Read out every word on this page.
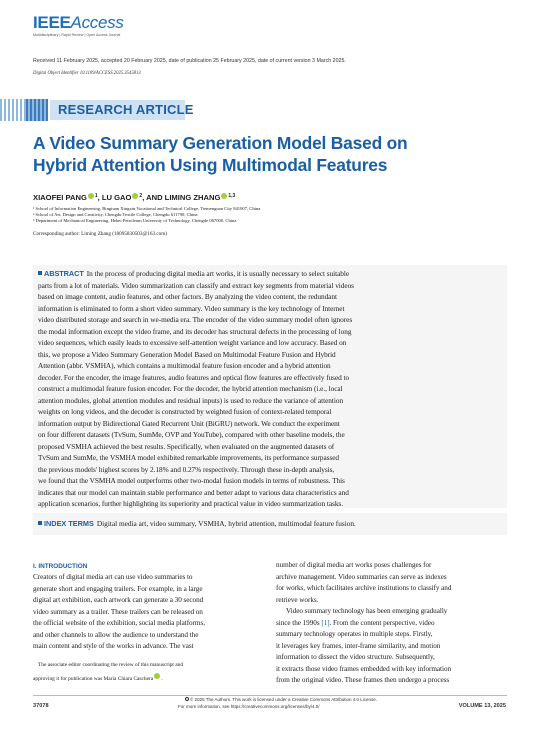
IEEEAccess
Multidisciplinary | Rapid Review | Open Access Journal
Received 11 February 2025, accepted 20 February 2025, date of publication 25 February 2025, date of current version 3 March 2025.
Digital Object Identifier 10.1109/ACCESS.2025.3545813
RESEARCH ARTICLE
A Video Summary Generation Model Based on
Hybrid Attention Using Multimodal Features
XIAOFEI PANG $^1$, LU GAO $^2$, AND LIMING ZHANG $^{1,3}$
¹ School of Information Engineering, Bingtuan Xingxin Vocational and Technical College, Tiemenguan City 841007, China
² School of Art, Design and Creativity, Chengdu Textile College, Chengdu 611790, China
³ Department of Mechanical Engineering, Hebei Petroleum University of Technology, Chengde 067000, China
Corresponding author: Liming Zhang (18095830503@163.com)
ABSTRACT In the process of producing digital media art works, it is usually necessary to select suitable
parts from a lot of materials. Video summarization can classify and extract key segments from material videos
based on image content, audio features, and other factors. By analyzing the video content, the redundant
information is eliminated to form a short video summary. Video summary is the key technology of Internet
video distributed storage and search in we-media era. The encoder of the video summary model often ignores
the modal information except the video frame, and its decoder has structural defects in the processing of long
video sequences, which easily leads to excessive self-attention weight variance and low accuracy. Based on
this, we propose a Video Summary Generation Model Based on Multimodal Feature Fusion and Hybrid
Attention (abbr. VSMHA), which contains a multimodal feature fusion encoder and a hybrid attention
decoder. For the encoder, the image features, audio features and optical flow features are effectively fused to
construct a multimodal feature fusion encoder. For the decoder, the hybrid attention mechanism (i.e., local
attention modules, global attention modules and residual inputs) is used to reduce the variance of attention
weights on long videos, and the decoder is constructed by weighted fusion of context-related temporal
information output by Bidirectional Gated Recurrent Unit (BiGRU) network. We conduct the experiment
on four different datasets (TvSum, SumMe, OVP and YouTube), compared with other baseline models, the
proposed VSMHA achieved the best results. Specifically, when evaluated on the augmented datasets of
TvSum and SumMe, the VSMHA model exhibited remarkable improvements, its performance surpassed
the previous models' highest scores by 2.18% and 0.27% respectively. Through these in-depth analysis,
we found that the VSMHA model outperforms other two-modal fusion models in terms of robustness. This
indicates that our model can maintain stable performance and better adapt to various data characteristics and
application scenarios, further highlighting its superiority and practical value in video summarization tasks.
INDEX TERMS Digital media art, video summary, VSMHA, hybrid attention, multimodal feature fusion.
I. INTRODUCTION
Creators of digital media art can use video summaries to
generate short and engaging trailers. For example, in a large
digital art exhibition, each artwork can generate a 30 second
video summary as a trailer. These trailers can be released on
the official website of the exhibition, social media platforms,
and other channels to allow the audience to understand the
main content and style of the works in advance. The vast
The associate editor coordinating the review of this manuscript and
approving it for publication was Maria Chiara Caschera .
number of digital media art works poses challenges for
archive management. Video summaries can serve as indexes
for works, which facilitates archive institutions to classify and
retrieve works.
Video summary technology has been emerging gradually
since the 1990s [1]. From the content perspective, video
summary technology operates in multiple steps. Firstly,
it leverages key frames, inter-frame similarity, and motion
information to dissect the video structure. Subsequently,
it extracts those video frames embedded with key information
from the original video. These frames then undergo a process
37078
© 2025 The Authors. This work is licensed under a Creative Commons Attribution 4.0 License.
For more information, see https://creativecommons.org/licenses/by/4.0/	VOLUME 13, 2025
